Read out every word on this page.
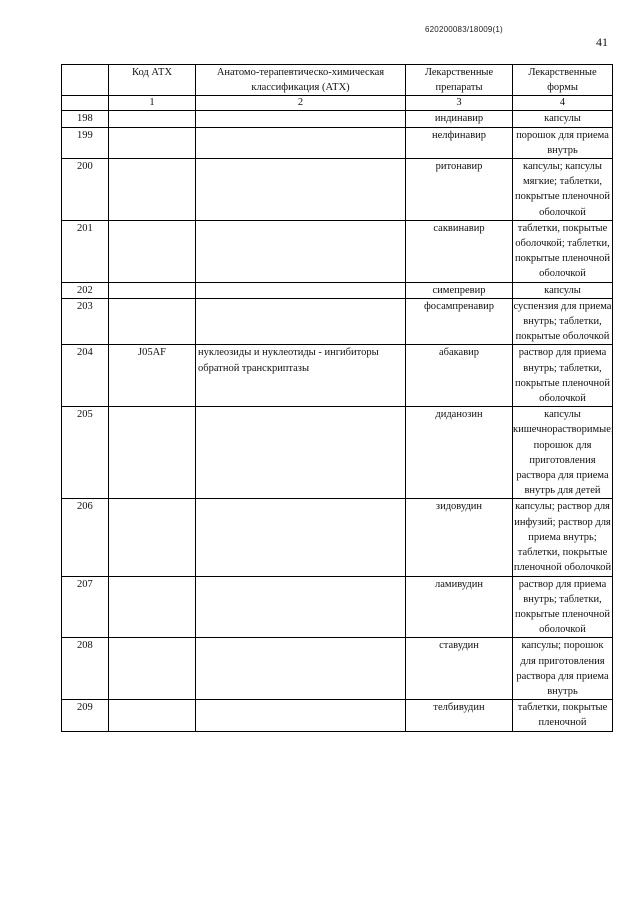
620200083/18009(1)
41
	Код АТХ	Анатомо-терапевтическо-химическая классификация (АТХ)	Лекарственные препараты	Лекарственные формы
	1	2	3	4
198			индинавир	капсулы
199			нелфинавир	порошок для приема внутрь
200			ритонавир	капсулы; капсулы мягкие; таблетки, покрытые пленочной оболочкой
201			саквинавир	таблетки, покрытые оболочкой; таблетки, покрытые пленочной оболочкой
202			симепревир	капсулы
203			фосампренавир	суспензия для приема внутрь; таблетки, покрытые оболочкой
204	J05AF	нуклеозиды и нуклеотиды - ингибиторы обратной транскриптазы	абакавир	раствор для приема внутрь; таблетки, покрытые пленочной оболочкой
205			диданозин	капсулы кишечнорастворимые; порошок для приготовления раствора для приема внутрь для детей
206			зидовудин	капсулы; раствор для инфузий; раствор для приема внутрь; таблетки, покрытые пленочной оболочкой
207			ламивудин	раствор для приема внутрь; таблетки, покрытые пленочной оболочкой
208			ставудин	капсулы; порошок для приготовления раствора для приема внутрь
209			телбивудин	таблетки, покрытые пленочной
